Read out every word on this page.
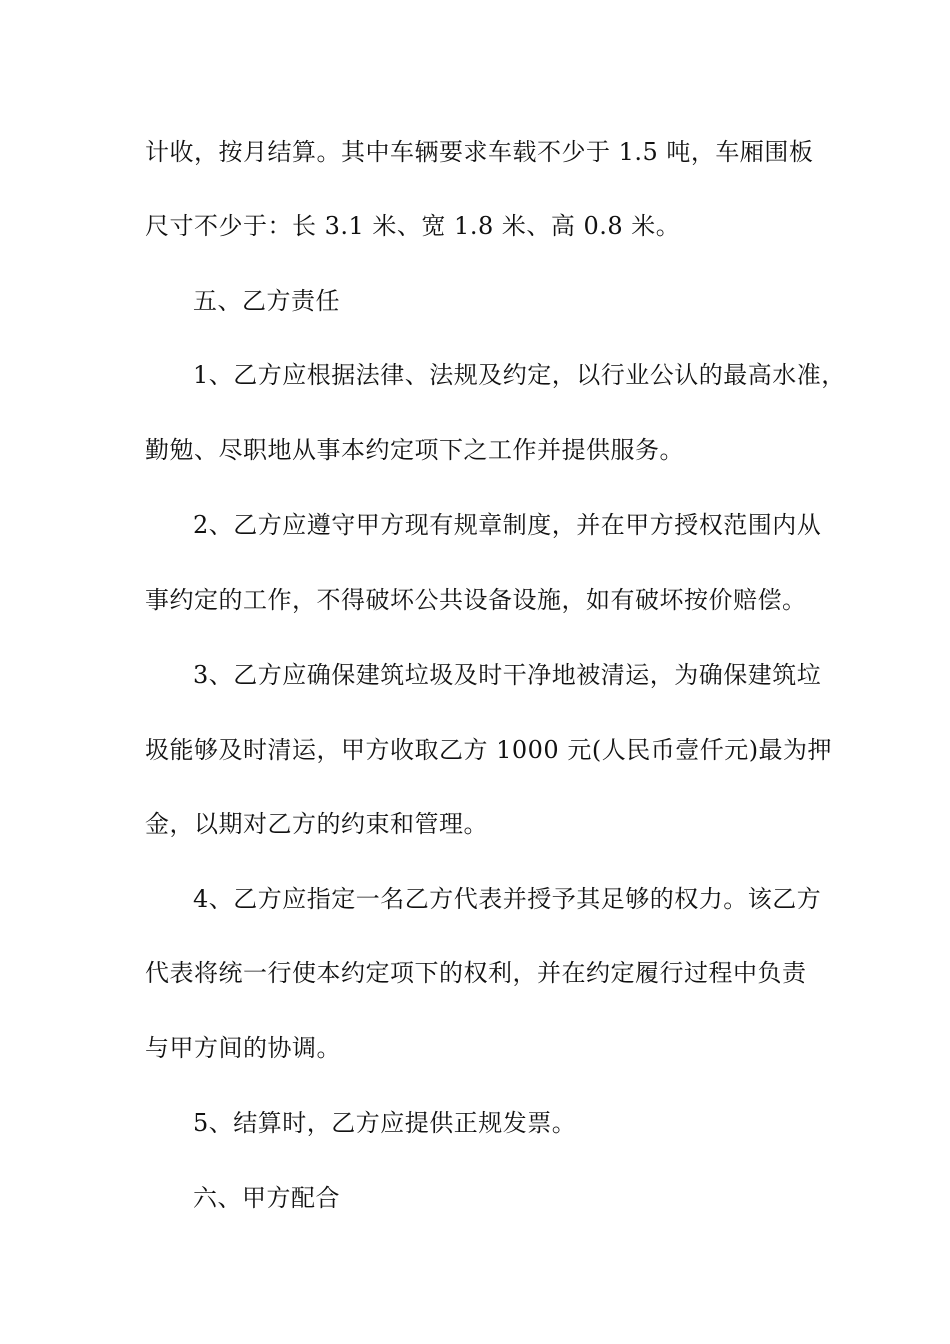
计收，按月结算。其中车辆要求车载不少于 1.5 吨，车厢围板
尺寸不少于：长 3.1 米、宽 1.8 米、高 0.8 米。
五、乙方责任
1、乙方应根据法律、法规及约定，以行业公认的最高水准，
勤勉、尽职地从事本约定项下之工作并提供服务。
2、乙方应遵守甲方现有规章制度，并在甲方授权范围内从
事约定的工作，不得破坏公共设备设施，如有破坏按价赔偿。
3、乙方应确保建筑垃圾及时干净地被清运，为确保建筑垃
圾能够及时清运，甲方收取乙方 1000 元(人民币壹仟元)最为押
金，以期对乙方的约束和管理。
4、乙方应指定一名乙方代表并授予其足够的权力。该乙方
代表将统一行使本约定项下的权利，并在约定履行过程中负责
与甲方间的协调。
5、结算时，乙方应提供正规发票。
六、甲方配合
